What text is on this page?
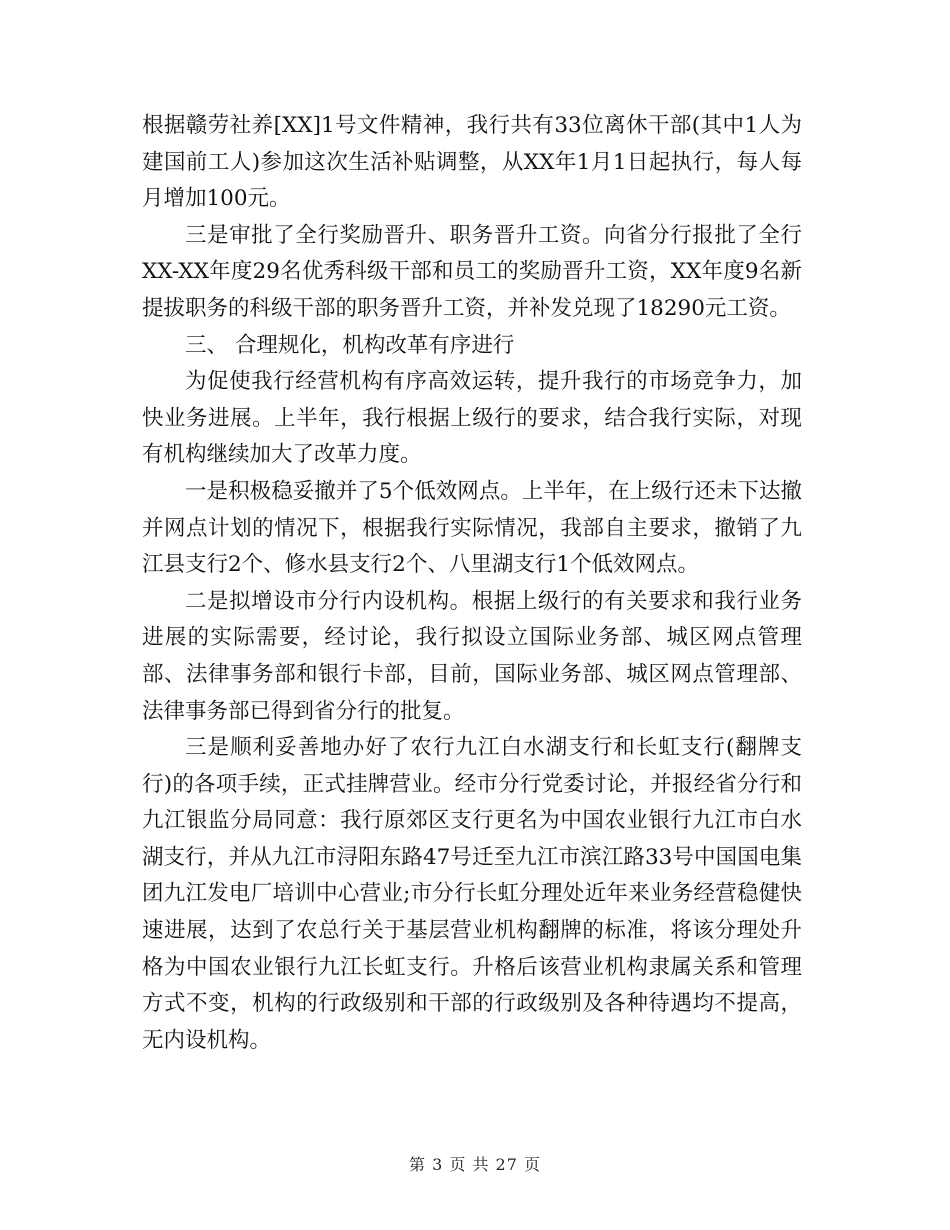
根据赣劳社养[XX]1号文件精神，我行共有33位离休干部(其中1人为建国前工人)参加这次生活补贴调整，从XX年1月1日起执行，每人每月增加100元。

三是审批了全行奖励晋升、职务晋升工资。向省分行报批了全行XX-XX年度29名优秀科级干部和员工的奖励晋升工资，XX年度9名新提拔职务的科级干部的职务晋升工资，并补发兑现了18290元工资。

三、 合理规化，机构改革有序进行

为促使我行经营机构有序高效运转，提升我行的市场竞争力，加快业务进展。上半年，我行根据上级行的要求，结合我行实际，对现有机构继续加大了改革力度。

一是积极稳妥撤并了5个低效网点。上半年，在上级行还未下达撤并网点计划的情况下，根据我行实际情况，我部自主要求，撤销了九江县支行2个、修水县支行2个、八里湖支行1个低效网点。

二是拟增设市分行内设机构。根据上级行的有关要求和我行业务进展的实际需要，经讨论，我行拟设立国际业务部、城区网点管理部、法律事务部和银行卡部，目前，国际业务部、城区网点管理部、法律事务部已得到省分行的批复。

三是顺利妥善地办好了农行九江白水湖支行和长虹支行(翻牌支行)的各项手续，正式挂牌营业。经市分行党委讨论，并报经省分行和九江银监分局同意：我行原郊区支行更名为中国农业银行九江市白水湖支行，并从九江市浔阳东路47号迁至九江市滨江路33号中国国电集团九江发电厂培训中心营业;市分行长虹分理处近年来业务经营稳健快速进展，达到了农总行关于基层营业机构翻牌的标准，将该分理处升格为中国农业银行九江长虹支行。升格后该营业机构隶属关系和管理方式不变，机构的行政级别和干部的行政级别及各种待遇均不提高，无内设机构。

第 3 页 共 27 页
